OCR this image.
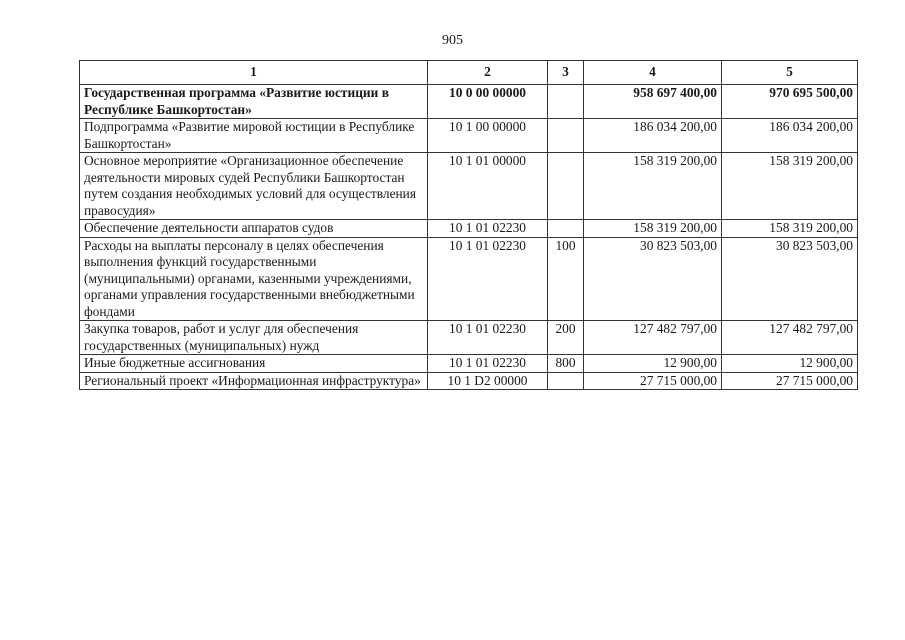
905
1	2	3	4	5
Государственная программа «Развитие юстиции в Республике Башкортостан»	10 0 00 00000		958 697 400,00	970 695 500,00
Подпрограмма «Развитие мировой юстиции в Республике Башкортостан»	10 1 00 00000		186 034 200,00	186 034 200,00
Основное мероприятие «Организационное обеспечение деятельности мировых судей Республики Башкортостан путем создания необходимых условий для осуществления правосудия»	10 1 01 00000		158 319 200,00	158 319 200,00
Обеспечение деятельности аппаратов судов	10 1 01 02230		158 319 200,00	158 319 200,00
Расходы на выплаты персоналу в целях обеспечения выполнения функций государственными (муниципальными) органами, казенными учреждениями, органами управления государственными внебюджетными фондами	10 1 01 02230	100	30 823 503,00	30 823 503,00
Закупка товаров, работ и услуг для обеспечения государственных (муниципальных) нужд	10 1 01 02230	200	127 482 797,00	127 482 797,00
Иные бюджетные ассигнования	10 1 01 02230	800	12 900,00	12 900,00
Региональный проект «Информационная инфраструктура»	10 1 D2 00000		27 715 000,00	27 715 000,00
